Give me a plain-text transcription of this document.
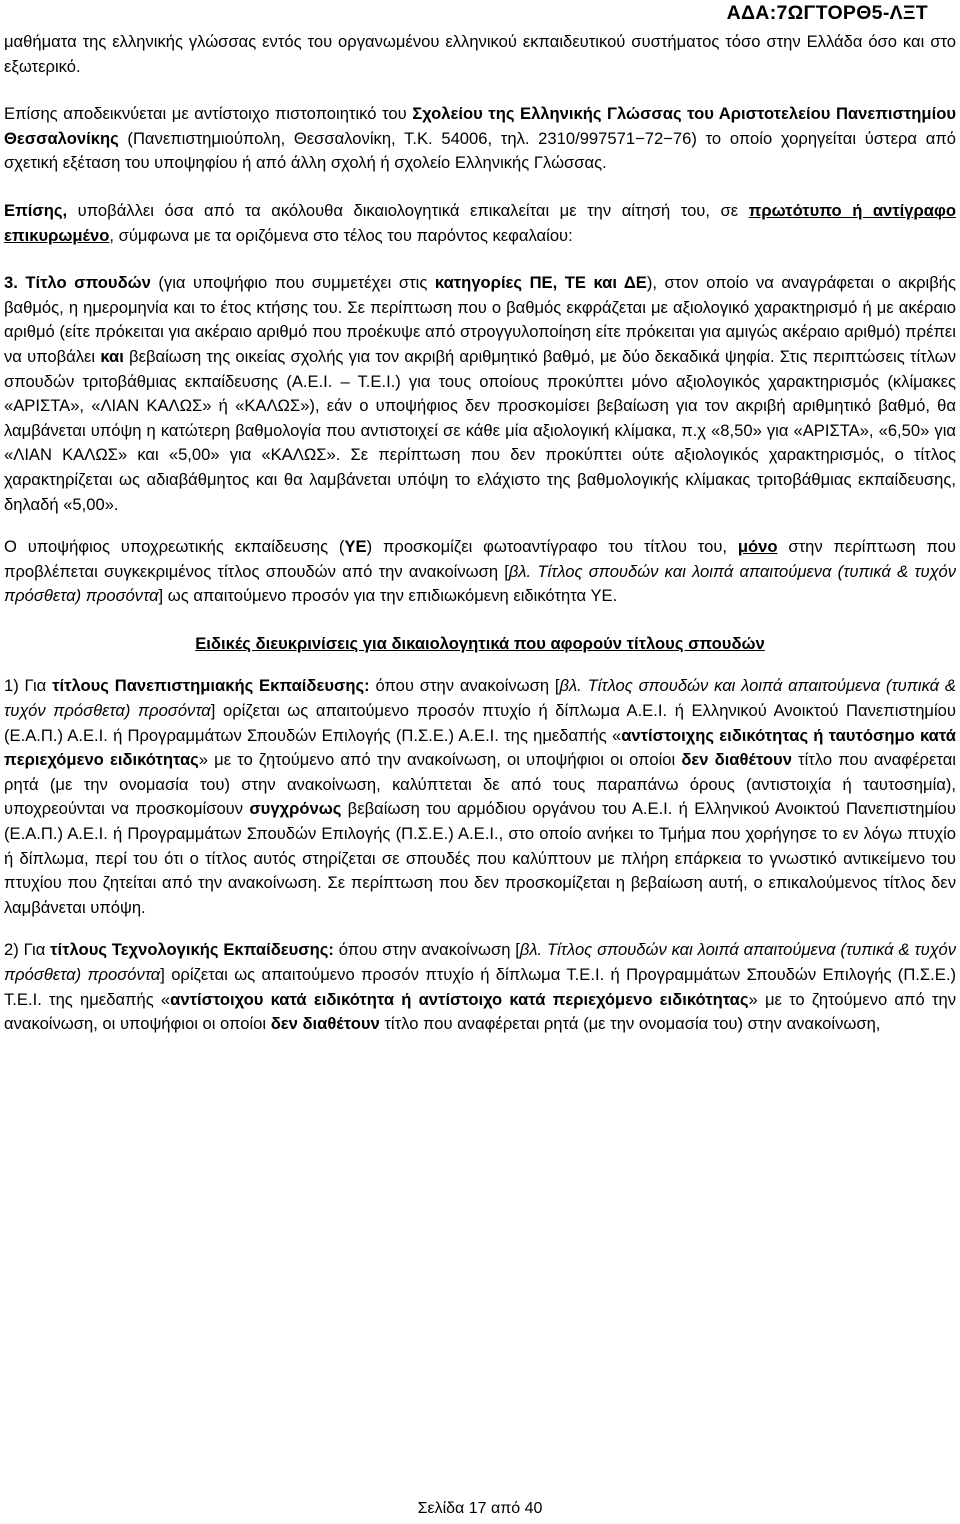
ΑΔΑ:7ΩΓΤΟΡΘ5-ΛΞΤ

μαθήματα της ελληνικής γλώσσας εντός του οργανωμένου ελληνικού εκπαιδευτικού συστήματος τόσο στην Ελλάδα όσο και στο εξωτερικό.

Επίσης αποδεικνύεται με αντίστοιχο πιστοποιητικό του Σχολείου της Ελληνικής Γλώσσας του Αριστοτελείου Πανεπιστημίου Θεσσαλονίκης (Πανεπιστημιούπολη, Θεσσαλονίκη, Τ.Κ. 54006, τηλ. 2310/997571−72−76) το οποίο χορηγείται ύστερα από σχετική εξέταση του υποψηφίου ή από άλλη σχολή ή σχολείο Ελληνικής Γλώσσας.

Επίσης, υποβάλλει όσα από τα ακόλουθα δικαιολογητικά επικαλείται με την αίτησή του, σε πρωτότυπο ή αντίγραφο επικυρωμένο, σύμφωνα με τα οριζόμενα στο τέλος του παρόντος κεφαλαίου:

3. Τίτλο σπουδών (για υποψήφιο που συμμετέχει στις κατηγορίες ΠΕ, ΤΕ και ΔΕ), στον οποίο να αναγράφεται ο ακριβής βαθμός, η ημερομηνία και το έτος κτήσης του. Σε περίπτωση που ο βαθμός εκφράζεται με αξιολογικό χαρακτηρισμό ή με ακέραιο αριθμό (είτε πρόκειται για ακέραιο αριθμό που προέκυψε από στρογγυλοποίηση είτε πρόκειται για αμιγώς ακέραιο αριθμό) πρέπει να υποβάλει και βεβαίωση της οικείας σχολής για τον ακριβή αριθμητικό βαθμό, με δύο δεκαδικά ψηφία. Στις περιπτώσεις τίτλων σπουδών τριτοβάθμιας εκπαίδευσης (Α.Ε.Ι. – Τ.Ε.Ι.) για τους οποίους προκύπτει μόνο αξιολογικός χαρακτηρισμός (κλίμακες «ΑΡΙΣΤΑ», «ΛΙΑΝ ΚΑΛΩΣ» ή «ΚΑΛΩΣ»), εάν ο υποψήφιος δεν προσκομίσει βεβαίωση για τον ακριβή αριθμητικό βαθμό, θα λαμβάνεται υπόψη η κατώτερη βαθμολογία που αντιστοιχεί σε κάθε μία αξιολογική κλίμακα, π.χ «8,50» για «ΑΡΙΣΤΑ», «6,50» για «ΛΙΑΝ ΚΑΛΩΣ» και «5,00» για «ΚΑΛΩΣ». Σε περίπτωση που δεν προκύπτει ούτε αξιολογικός χαρακτηρισμός, ο τίτλος χαρακτηρίζεται ως αδιαβάθμητος και θα λαμβάνεται υπόψη το ελάχιστο της βαθμολογικής κλίμακας τριτοβάθμιας εκπαίδευσης, δηλαδή «5,00».

Ο υποψήφιος υποχρεωτικής εκπαίδευσης (ΥΕ) προσκομίζει φωτοαντίγραφο του τίτλου του, μόνο στην περίπτωση που προβλέπεται συγκεκριμένος τίτλος σπουδών από την ανακοίνωση [βλ. Τίτλος σπουδών και λοιπά απαιτούμενα (τυπικά & τυχόν πρόσθετα) προσόντα] ως απαιτούμενο προσόν για την επιδιωκόμενη ειδικότητα ΥΕ.

Ειδικές διευκρινίσεις για δικαιολογητικά που αφορούν τίτλους σπουδών

1) Για τίτλους Πανεπιστημιακής Εκπαίδευσης: όπου στην ανακοίνωση [βλ. Τίτλος σπουδών και λοιπά απαιτούμενα (τυπικά & τυχόν πρόσθετα) προσόντα] ορίζεται ως απαιτούμενο προσόν πτυχίο ή δίπλωμα Α.Ε.Ι. ή Ελληνικού Ανοικτού Πανεπιστημίου (Ε.Α.Π.) Α.Ε.Ι. ή Προγραμμάτων Σπουδών Επιλογής (Π.Σ.Ε.) Α.Ε.Ι. της ημεδαπής «αντίστοιχης ειδικότητας ή ταυτόσημο κατά περιεχόμενο ειδικότητας» με το ζητούμενο από την ανακοίνωση, οι υποψήφιοι οι οποίοι δεν διαθέτουν τίτλο που αναφέρεται ρητά (με την ονομασία του) στην ανακοίνωση, καλύπτεται δε από τους παραπάνω όρους (αντιστοιχία ή ταυτοσημία), υποχρεούνται να προσκομίσουν συγχρόνως βεβαίωση του αρμόδιου οργάνου του Α.Ε.Ι. ή Ελληνικού Ανοικτού Πανεπιστημίου (Ε.Α.Π.) Α.Ε.Ι. ή Προγραμμάτων Σπουδών Επιλογής (Π.Σ.Ε.) Α.Ε.Ι., στο οποίο ανήκει το Τμήμα που χορήγησε το εν λόγω πτυχίο ή δίπλωμα, περί του ότι ο τίτλος αυτός στηρίζεται σε σπουδές που καλύπτουν με πλήρη επάρκεια το γνωστικό αντικείμενο του πτυχίου που ζητείται από την ανακοίνωση. Σε περίπτωση που δεν προσκομίζεται η βεβαίωση αυτή, ο επικαλούμενος τίτλος δεν λαμβάνεται υπόψη.

2) Για τίτλους Τεχνολογικής Εκπαίδευσης: όπου στην ανακοίνωση [βλ. Τίτλος σπουδών και λοιπά απαιτούμενα (τυπικά & τυχόν πρόσθετα) προσόντα] ορίζεται ως απαιτούμενο προσόν πτυχίο ή δίπλωμα Τ.Ε.Ι. ή Προγραμμάτων Σπουδών Επιλογής (Π.Σ.Ε.) Τ.Ε.Ι. της ημεδαπής «αντίστοιχου κατά ειδικότητα ή αντίστοιχο κατά περιεχόμενο ειδικότητας» με το ζητούμενο από την ανακοίνωση, οι υποψήφιοι οι οποίοι δεν διαθέτουν τίτλο που αναφέρεται ρητά (με την ονομασία του) στην ανακοίνωση,

Σελίδα 17 από 40
